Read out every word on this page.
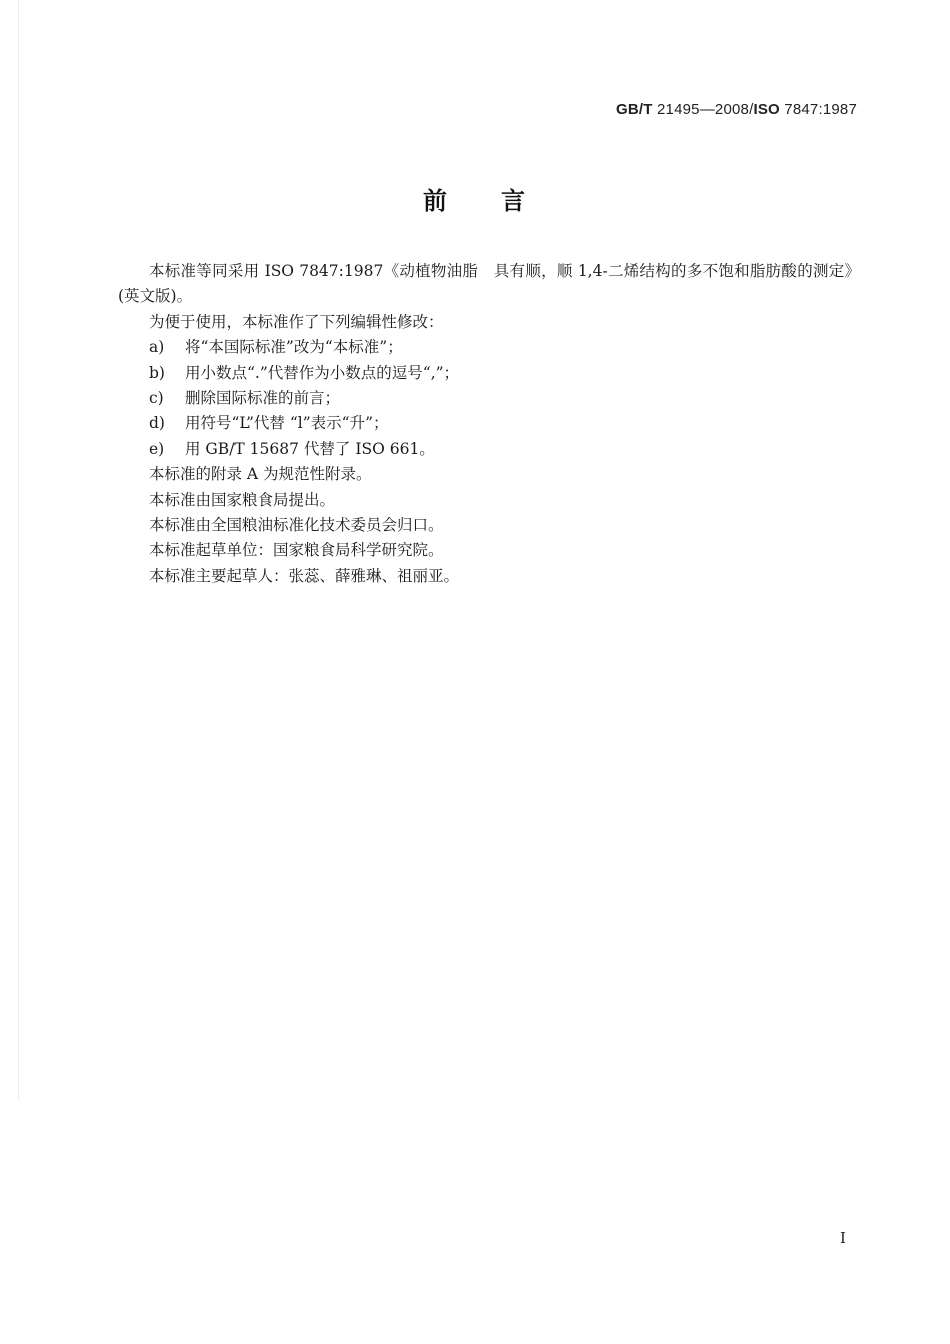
GB/T 21495—2008/ISO 7847:1987
前 言

本标准等同采用 ISO 7847:1987《动植物油脂   具有顺，顺 1,4-二烯结构的多不饱和脂肪酸的测定》(英文版)。

为便于使用，本标准作了下列编辑性修改：

a) 将“本国际标准”改为“本标准”；

b) 用小数点“.”代替作为小数点的逗号“,”；

c) 删除国际标准的前言；

d) 用符号“L”代替 “l”表示“升”；

e) 用 GB/T 15687 代替了 ISO 661。

本标准的附录 A 为规范性附录。

本标准由国家粮食局提出。

本标准由全国粮油标准化技术委员会归口。

本标准起草单位：国家粮食局科学研究院。

本标准主要起草人：张蕊、薛雅琳、祖丽亚。

I
